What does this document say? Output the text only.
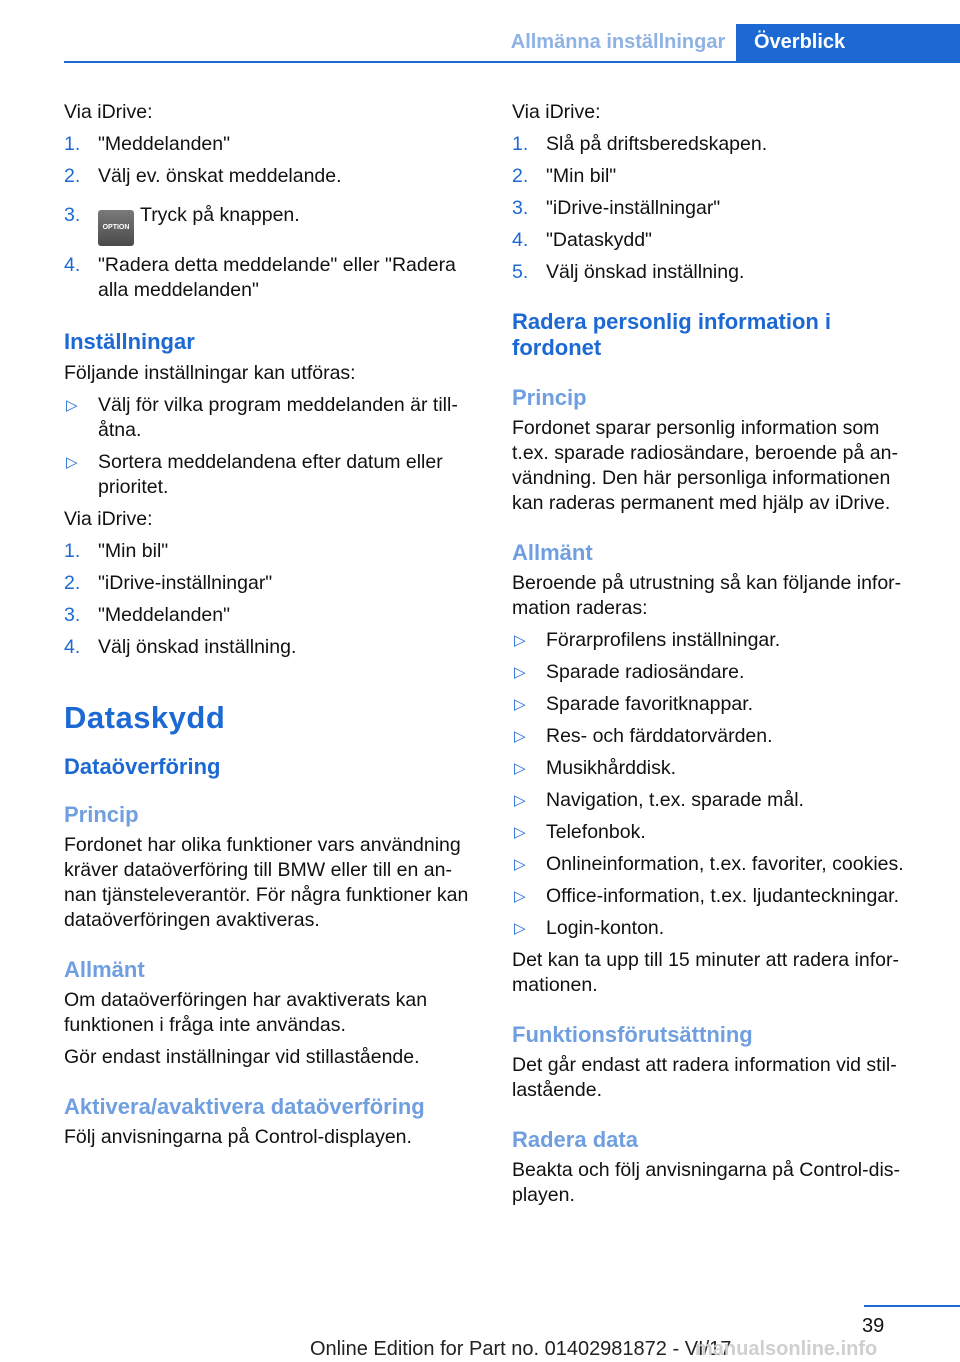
Allmänna inställningar	Överblick

Via iDrive:

1. "Meddelanden"
2. Välj ev. önskat meddelande.
3.
OPTIONTryck på knappen.
4. "Radera detta meddelande" eller "Radera alla meddelanden"
Inställningar

Följande inställningar kan utföras:

▷ Välj för vilka program meddelanden är till‐åtna.
▷ Sortera meddelandena efter datum eller prioritet.

Via iDrive:

1. "Min bil"
2. "iDrive-inställningar"
3. "Meddelanden"
4. Välj önskad inställning.
Dataskydd
Dataöverföring
Princip

Fordonet har olika funktioner vars användning kräver dataöverföring till BMW eller till en an‐nan tjänsteleverantör. För några funktioner kan dataöverföringen avaktiveras.

Allmänt

Om dataöverföringen har avaktiverats kan funktionen i fråga inte användas.

Gör endast inställningar vid stillastående.

Aktivera/avaktivera dataöverföring

Följ anvisningarna på Control-displayen.

Via iDrive:

1. Slå på driftsberedskapen.
2. "Min bil"
3. "iDrive-inställningar"
4. "Dataskydd"
5. Välj önskad inställning.
Radera personlig information i fordonet
Princip

Fordonet sparar personlig information som t.ex. sparade radiosändare, beroende på an‐vändning. Den här personliga informationen kan raderas permanent med hjälp av iDrive.

Allmänt

Beroende på utrustning så kan följande infor‐mation raderas:

▷ Förarprofilens inställningar.
▷ Sparade radiosändare.
▷ Sparade favoritknappar.
▷ Res- och färddatorvärden.
▷ Musikhårddisk.
▷ Navigation, t.ex. sparade mål.
▷ Telefonbok.
▷ Onlineinformation, t.ex. favoriter, cookies.
▷ Office-information, t.ex. ljudanteckningar.
▷ Login-konton.

Det kan ta upp till 15 minuter att radera infor‐mationen.

Funktionsförutsättning

Det går endast att radera information vid stil‐lastående.

Radera data

Beakta och följ anvisningarna på Control-dis‐playen.

39
Online Edition for Part no. 01402981872 - VI/17
manualsonline.info
